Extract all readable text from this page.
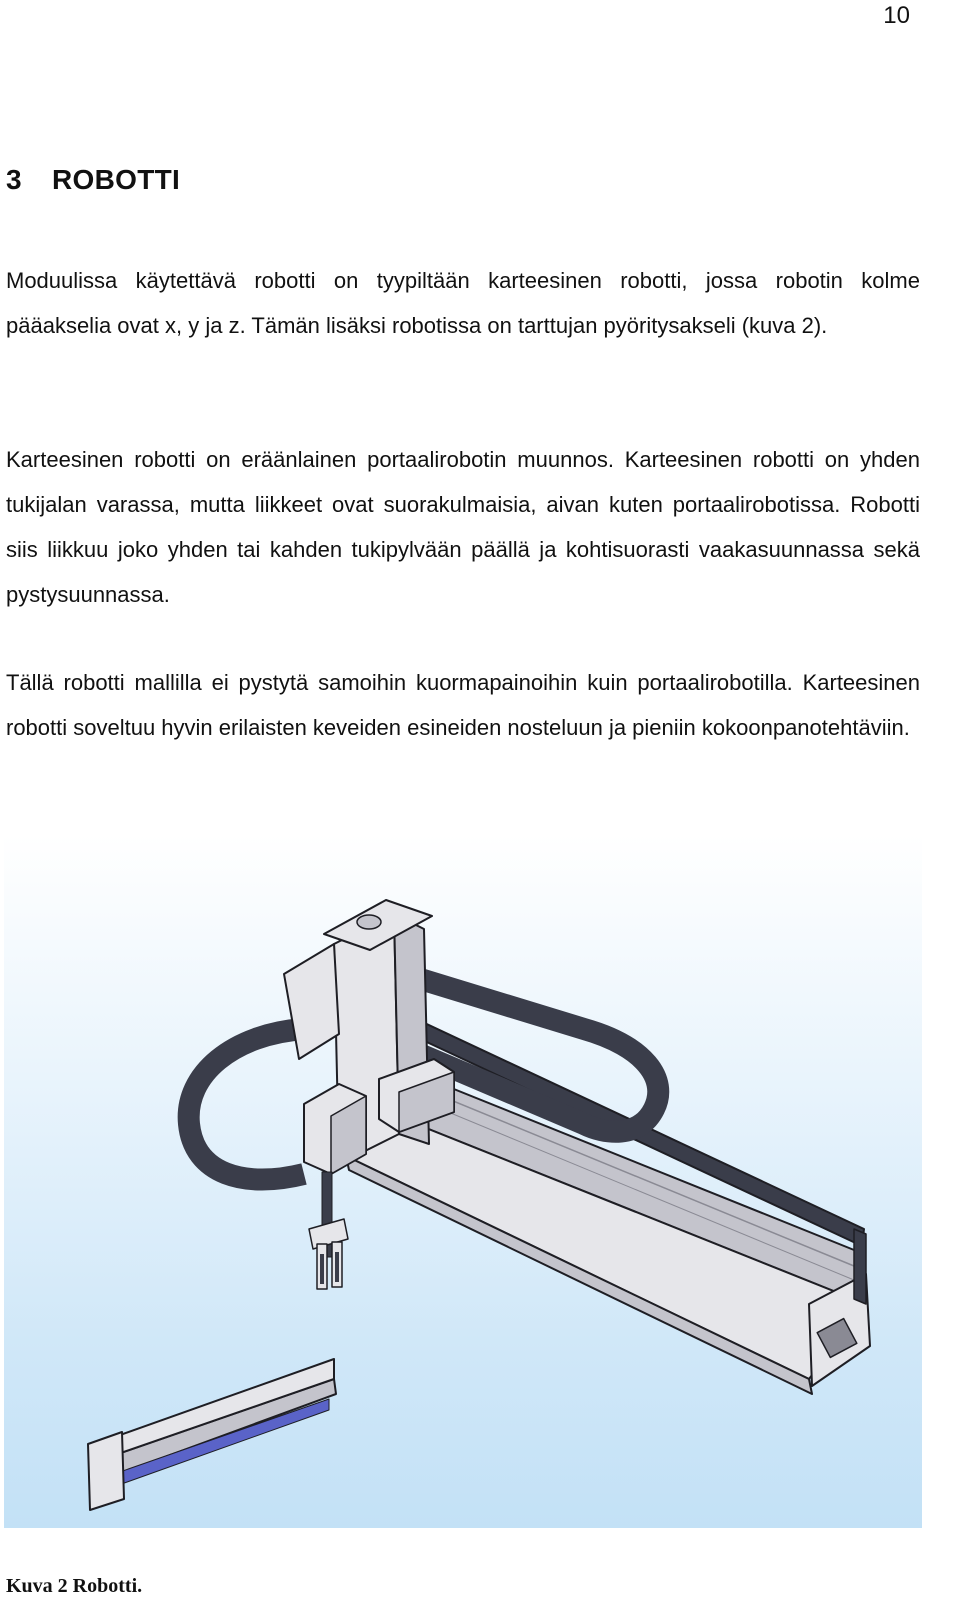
10
3 ROBOTTI

Moduulissa käytettävä robotti on tyypiltään karteesinen robotti, jossa robotin kolme pääakselia ovat x, y ja z. Tämän lisäksi robotissa on tarttujan pyöritysakseli (kuva 2).

Karteesinen robotti on eräänlainen portaalirobotin muunnos. Karteesinen robotti on yhden tukijalan varassa, mutta liikkeet ovat suorakulmaisia, aivan kuten portaalirobotissa. Robotti siis liikkuu joko yhden tai kahden tukipylvään päällä ja kohtisuorasti vaakasuunnassa sekä pystysuunnassa.

Tällä robotti mallilla ei pystytä samoihin kuormapainoihin kuin portaalirobotilla. Karteesinen robotti soveltuu hyvin erilaisten keveiden esineiden nosteluun ja pieniin kokoonpanotehtäviin.

Kuva 2 Robotti.
